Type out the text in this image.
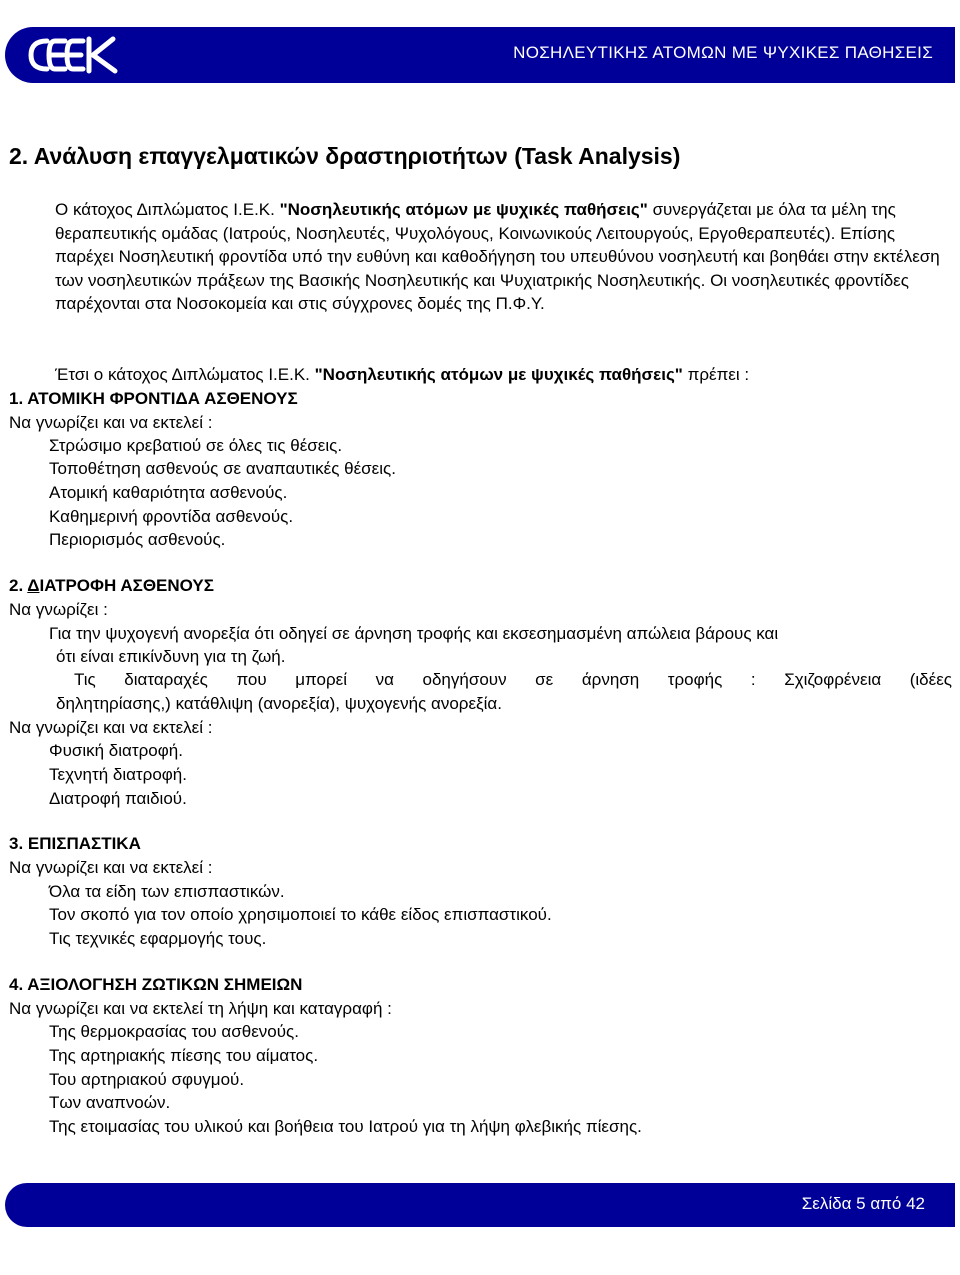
ΝΟΣΗΛΕΥΤΙΚΗΣ ΑΤΟΜΩΝ ΜΕ ΨΥΧΙΚΕΣ ΠΑΘΗΣΕΙΣ
2. Ανάλυση επαγγελματικών δραστηριοτήτων (Task Analysis)

Ο κάτοχος Διπλώματος Ι.Ε.Κ. "Νοσηλευτικής ατόμων με ψυχικές παθήσεις" συνεργάζεται με όλα τα μέλη της θεραπευτικής ομάδας (Ιατρούς, Νοσηλευτές, Ψυχολόγους, Κοινωνικούς Λειτουργούς, Εργοθεραπευτές). Επίσης παρέχει Νοσηλευτική φροντίδα υπό την ευθύνη και καθοδήγηση του υπευθύνου νοσηλευτή και βοηθάει στην εκτέλεση των νοσηλευτικών πράξεων της Βασικής Νοσηλευτικής και Ψυχιατρικής Νοσηλευτικής. Οι νοσηλευτικές φροντίδες παρέχονται στα Νοσοκομεία και στις σύγχρονες δομές της Π.Φ.Υ.

Έτσι ο κάτοχος Διπλώματος Ι.Ε.Κ. "Νοσηλευτικής ατόμων με ψυχικές παθήσεις" πρέπει :

1. ΑΤΟΜΙΚΗ ΦΡΟΝΤΙΔΑ ΑΣΘΕΝΟΥΣ

Να γνωρίζει και να εκτελεί :

Στρώσιμο κρεβατιού σε όλες τις θέσεις.

Τοποθέτηση ασθενούς σε αναπαυτικές θέσεις.

Ατομική καθαριότητα ασθενούς.

Καθημερινή φροντίδα ασθενούς.

Περιορισμός ασθενούς.

2. ΔΙΑΤΡΟΦΗ ΑΣΘΕΝΟΥΣ

Να γνωρίζει :

Για την ψυχογενή ανορεξία ότι οδηγεί σε άρνηση τροφής και εκσεσημασμένη απώλεια βάρους και

ότι είναι επικίνδυνη για τη ζωή.

Τις διαταραχές που μπορεί να οδηγήσουν σε άρνηση τροφής : Σχιζοφρένεια (ιδέες

δηλητηρίασης,) κατάθλιψη (ανορεξία), ψυχογενής ανορεξία.

Να γνωρίζει και να εκτελεί :

Φυσική διατροφή.

Τεχνητή διατροφή.

Διατροφή παιδιού.

3. ΕΠΙΣΠΑΣΤΙΚΑ

Να γνωρίζει και να εκτελεί :

Όλα τα είδη των επισπαστικών.

Τον σκοπό για τον οποίο χρησιμοποιεί το κάθε είδος επισπαστικού.

Τις τεχνικές εφαρμογής τους.

4. ΑΞΙΟΛΟΓΗΣΗ ΖΩΤΙΚΩΝ ΣΗΜΕΙΩΝ

Να γνωρίζει και να εκτελεί τη λήψη και καταγραφή :

Της θερμοκρασίας του ασθενούς.

Της αρτηριακής πίεσης του αίματος.

Του αρτηριακού σφυγμού.

Των αναπνοών.

Της ετοιμασίας του υλικού και βοήθεια του Ιατρού για τη λήψη φλεβικής πίεσης.

Σελίδα 5 από 42
